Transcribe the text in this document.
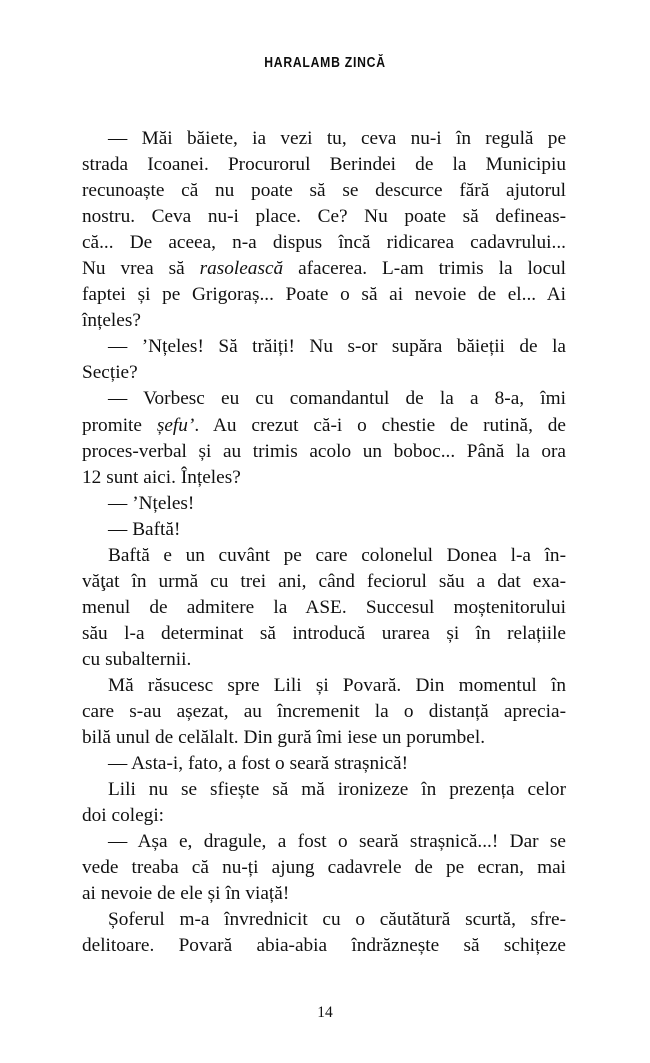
HARALAMB ZINCĂ

— Măi băiete, ia vezi tu, ceva nu-i în regulă pe
strada Icoanei. Procurorul Berindei de la Municipiu
recunoaște că nu poate să se descurce fără ajutorul
nostru. Ceva nu-i place. Ce? Nu poate să defineas-
că... De aceea, n-a dispus încă ridicarea cadavrului...
Nu vrea să rasolească afacerea. L-am trimis la locul
faptei și pe Grigoraș... Poate o să ai nevoie de el... Ai
înțeles?

— ’Nțeles! Să trăiți! Nu s-or supăra băieții de la
Secție?

— Vorbesc eu cu comandantul de la a 8-a, îmi
promite șefu’. Au crezut că-i o chestie de rutină, de
proces-verbal și au trimis acolo un boboc... Până la ora
12 sunt aici. Înțeles?

— ’Nțeles!

— Baftă!

Baftă e un cuvânt pe care colonelul Donea l-a în-
văţat în urmă cu trei ani, când feciorul său a dat exa-
menul de admitere la ASE. Succesul moștenitorului
său l-a determinat să introducă urarea și în relațiile
cu subalternii.

Mă răsucesc spre Lili și Povară. Din momentul în
care s-au așezat, au încremenit la o distanță aprecia-
bilă unul de celălalt. Din gură îmi iese un porumbel.

— Asta-i, fato, a fost o seară strașnică!

Lili nu se sfiește să mă ironizeze în prezența celor
doi colegi:

— Așa e, dragule, a fost o seară strașnică...! Dar se
vede treaba că nu-ți ajung cadavrele de pe ecran, mai
ai nevoie de ele și în viață!

Șoferul m-a învrednicit cu o căutătură scurtă, sfre-
delitoare. Povară abia-abia îndrăznește să schițeze

14
